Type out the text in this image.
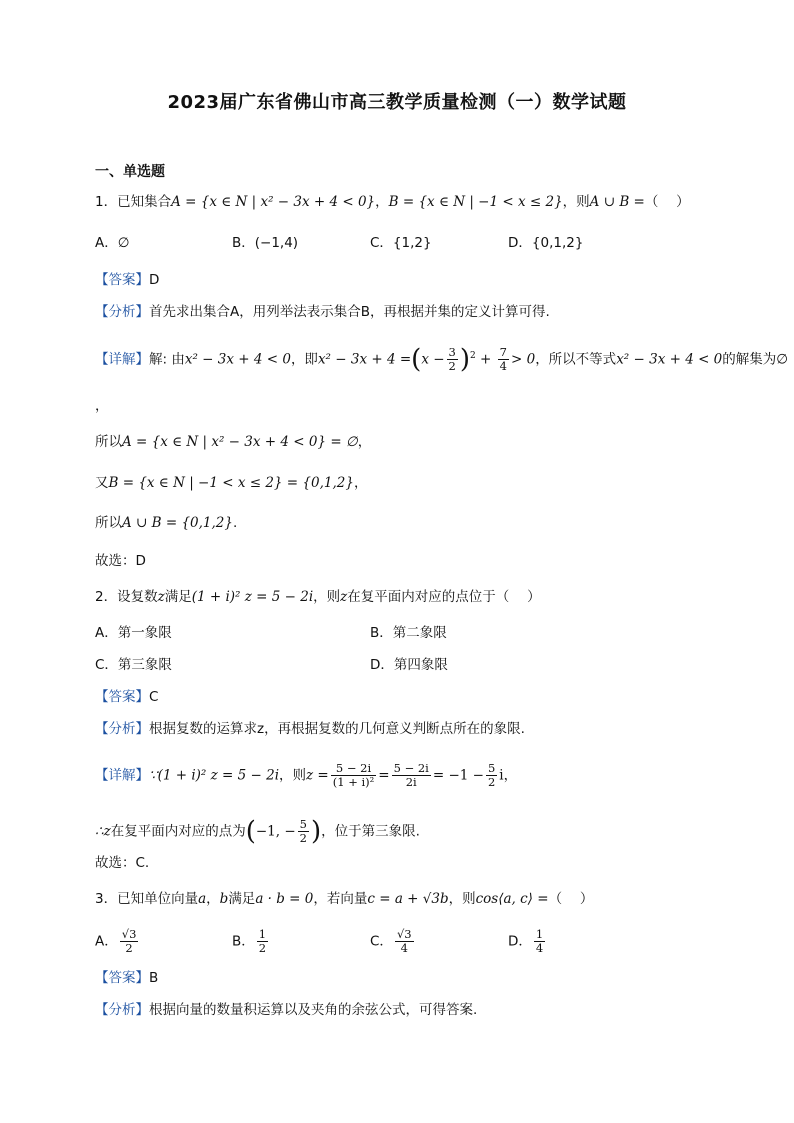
2023届广东省佛山市高三教学质量检测（一）数学试题
一、单选题
1．已知集合A = {x ∈ N | x² − 3x + 4 < 0}，B = {x ∈ N | −1 < x ≤ 2}，则A ∪ B =（　 ）
A．∅	B．(−1,4)	C．{1,2}	D．{0,1,2}
【答案】D
【分析】首先求出集合A，用列举法表示集合B，再根据并集的定义计算可得.
【详解】解: 由x² − 3x + 4 < 0，即$x^2 - 3x + 4 =(x - \frac{3}{2} )^2 + \frac{7}{4} > 0$，所以不等式x² − 3x + 4 < 0的解集为∅
，
所以A = {x ∈ N | x² − 3x + 4 < 0} = ∅，
又B = {x ∈ N | −1 < x ≤ 2} = {0,1,2}，
所以A ∪ B = {0,1,2}.
故选：D
2．设复数z满足(1 + i)² z = 5 − 2i，则z在复平面内对应的点位于（　 ）
A．第一象限	B．第二象限
C．第三象限	D．第四象限
【答案】C
【分析】根据复数的运算求z，再根据复数的几何意义判断点所在的象限.
【详解】∵(1 + i)² z = 5 − 2i，则$z = \frac{5 - 2i}{\text{(1 + i)²}} = \frac{5 - 2i}{2i} = -1 - \frac{5}{2}$ i，
∴z在复平面内对应的点为(−1, − $\frac{5}{2}$ )，位于第三象限.
故选：C.
3．已知单位向量a，b满足a · b = 0，若向量c = a + √3b，则cos⟨a, c⟩ =（　 ）
A． $\frac{√3}{2}$	B． $\frac{1}{2}$	C． $\frac{√3}{4}$	D． $\frac{1}{4}$
【答案】B
【分析】根据向量的数量积运算以及夹角的余弦公式，可得答案.
